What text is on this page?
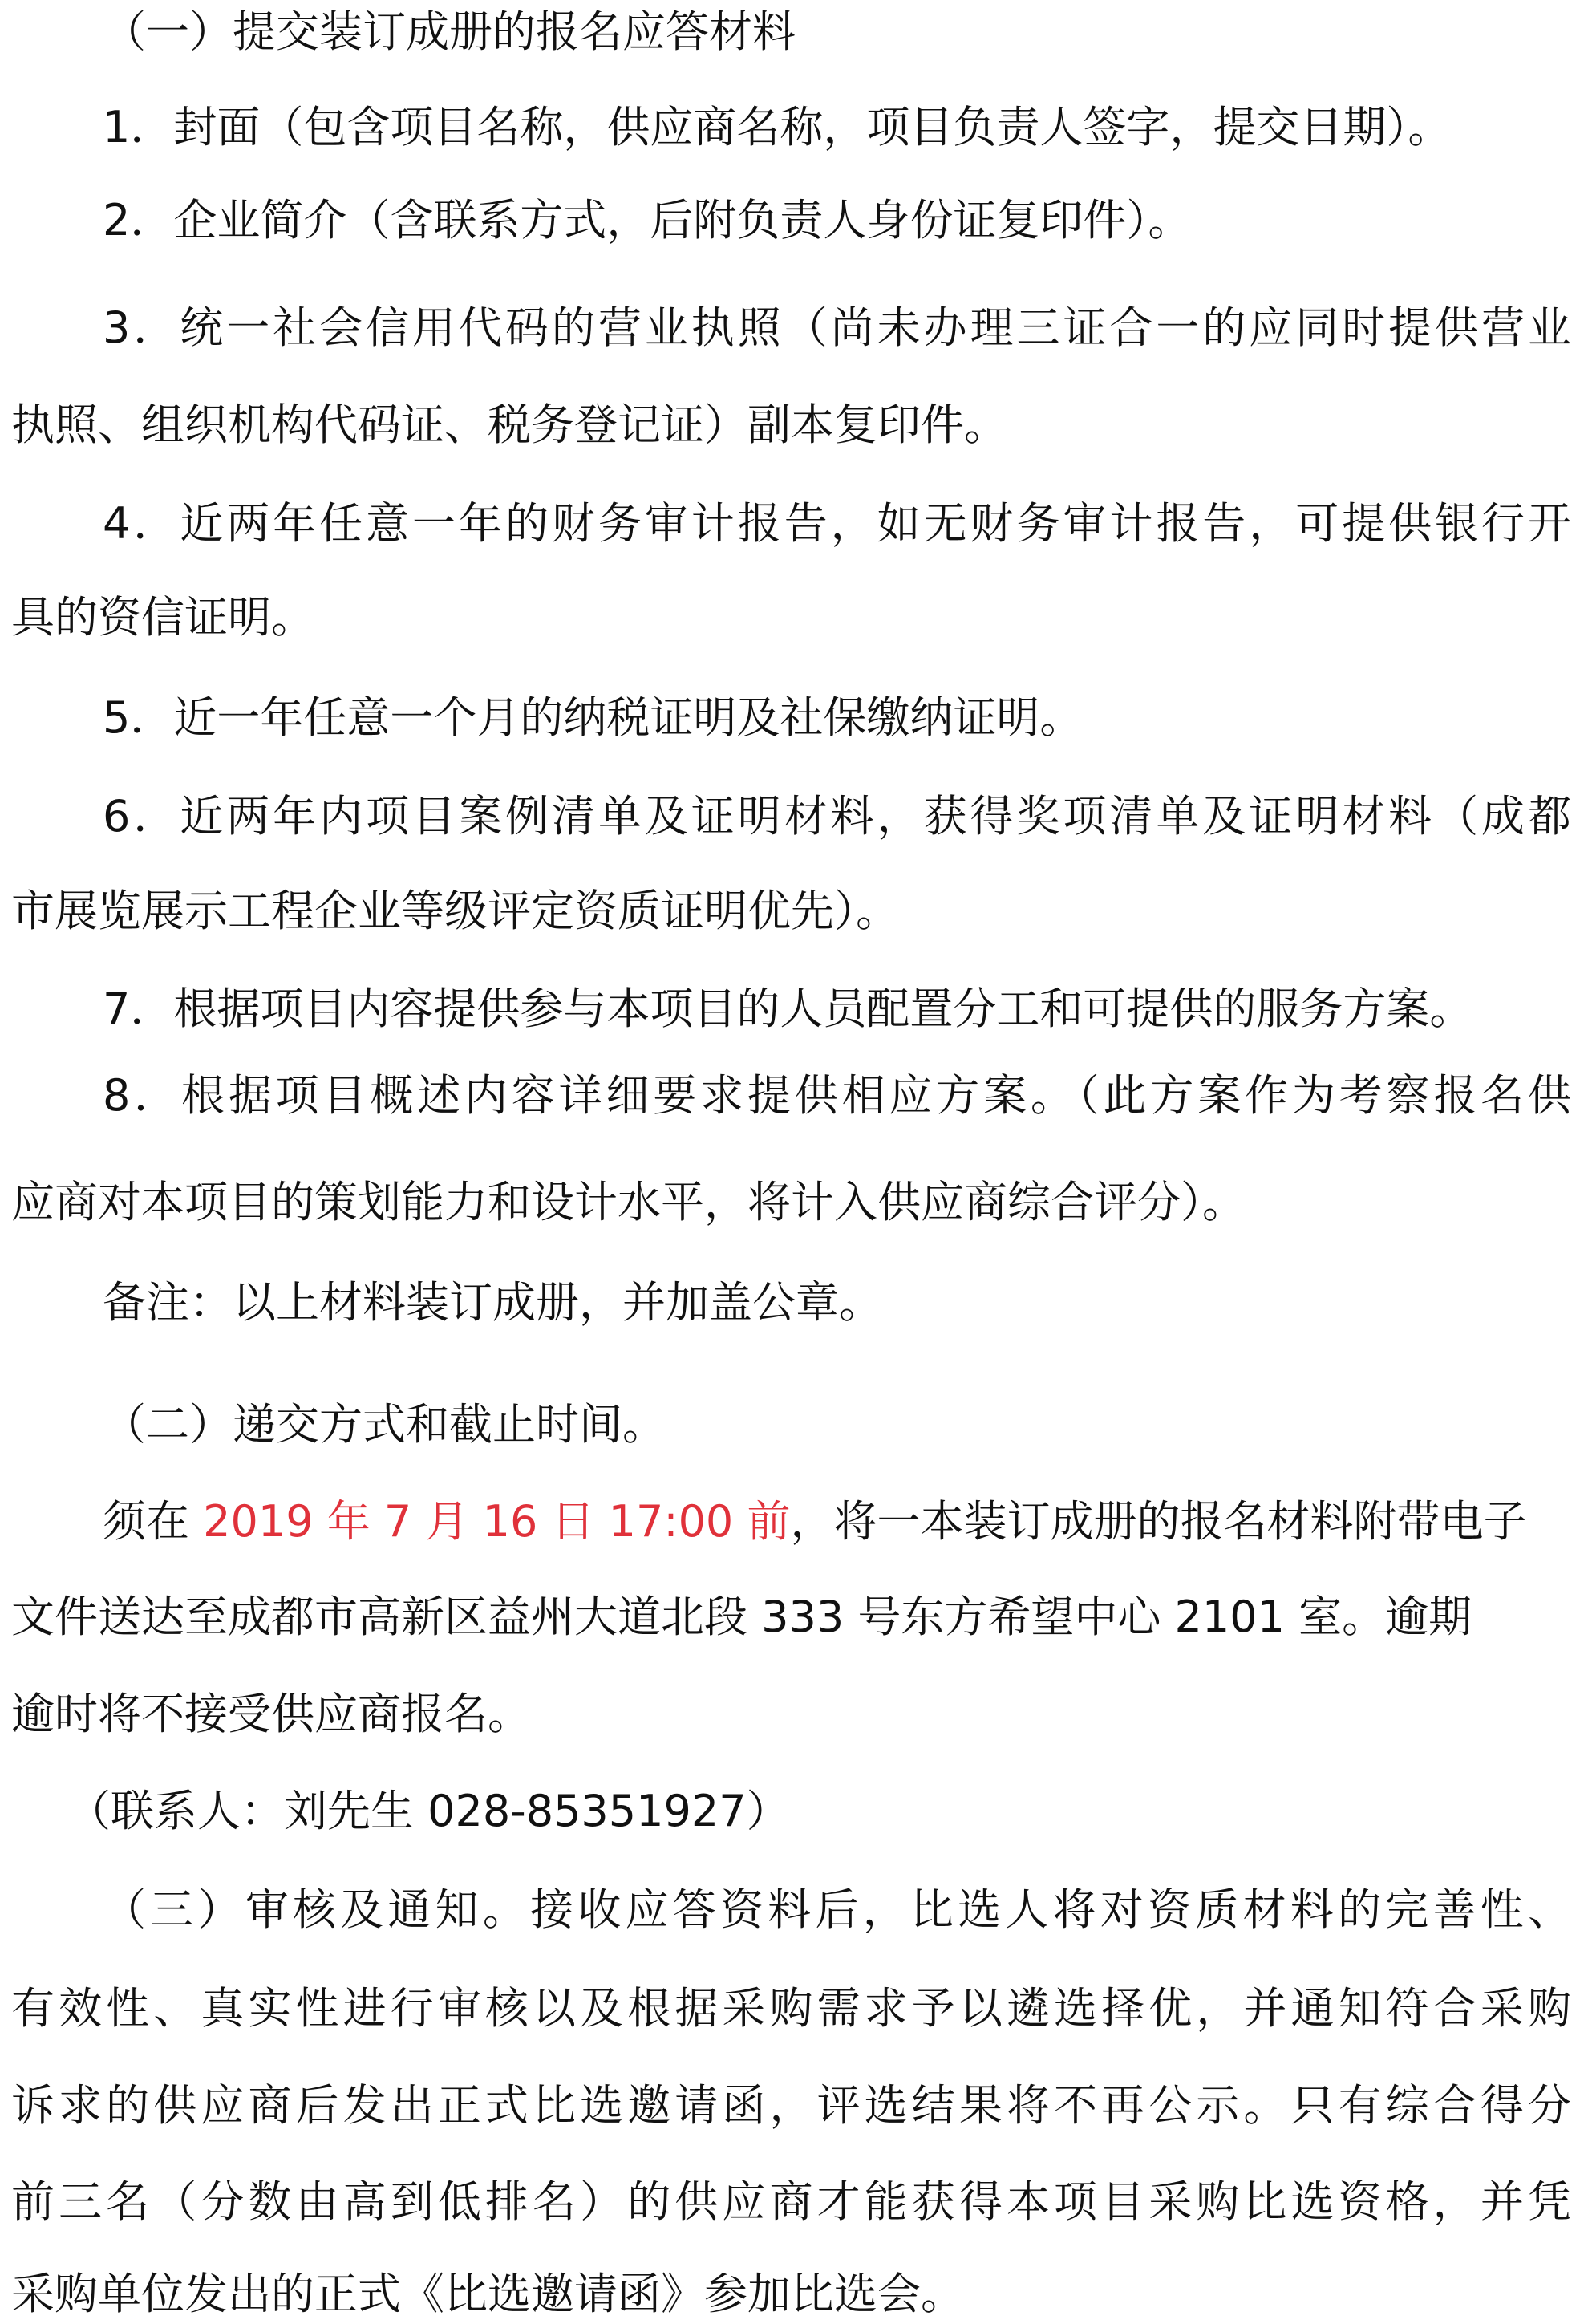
（一）提交装订成册的报名应答材料
1．封面（包含项目名称，供应商名称，项目负责人签字，提交日期）。
2．企业简介（含联系方式，后附负责人身份证复印件）。
3．统一社会信用代码的营业执照（尚未办理三证合一的应同时提供营业
执照、组织机构代码证、税务登记证）副本复印件。
4．近两年任意一年的财务审计报告，如无财务审计报告，可提供银行开
具的资信证明。
5．近一年任意一个月的纳税证明及社保缴纳证明。
6．近两年内项目案例清单及证明材料，获得奖项清单及证明材料（成都
市展览展示工程企业等级评定资质证明优先）。
7．根据项目内容提供参与本项目的人员配置分工和可提供的服务方案。
8．根据项目概述内容详细要求提供相应方案。（此方案作为考察报名供
应商对本项目的策划能力和设计水平，将计入供应商综合评分）。
备注：以上材料装订成册，并加盖公章。
（二）递交方式和截止时间。
须在 2019 年 7 月 16 日 17:00 前，将一本装订成册的报名材料附带电子
文件送达至成都市高新区益州大道北段 333 号东方希望中心 2101 室。逾期
逾时将不接受供应商报名。
（联系人：刘先生 028-85351927）
（三）审核及通知。接收应答资料后，比选人将对资质材料的完善性、
有效性、真实性进行审核以及根据采购需求予以遴选择优，并通知符合采购
诉求的供应商后发出正式比选邀请函，评选结果将不再公示。只有综合得分
前三名（分数由高到低排名）的供应商才能获得本项目采购比选资格，并凭
采购单位发出的正式《比选邀请函》参加比选会。
